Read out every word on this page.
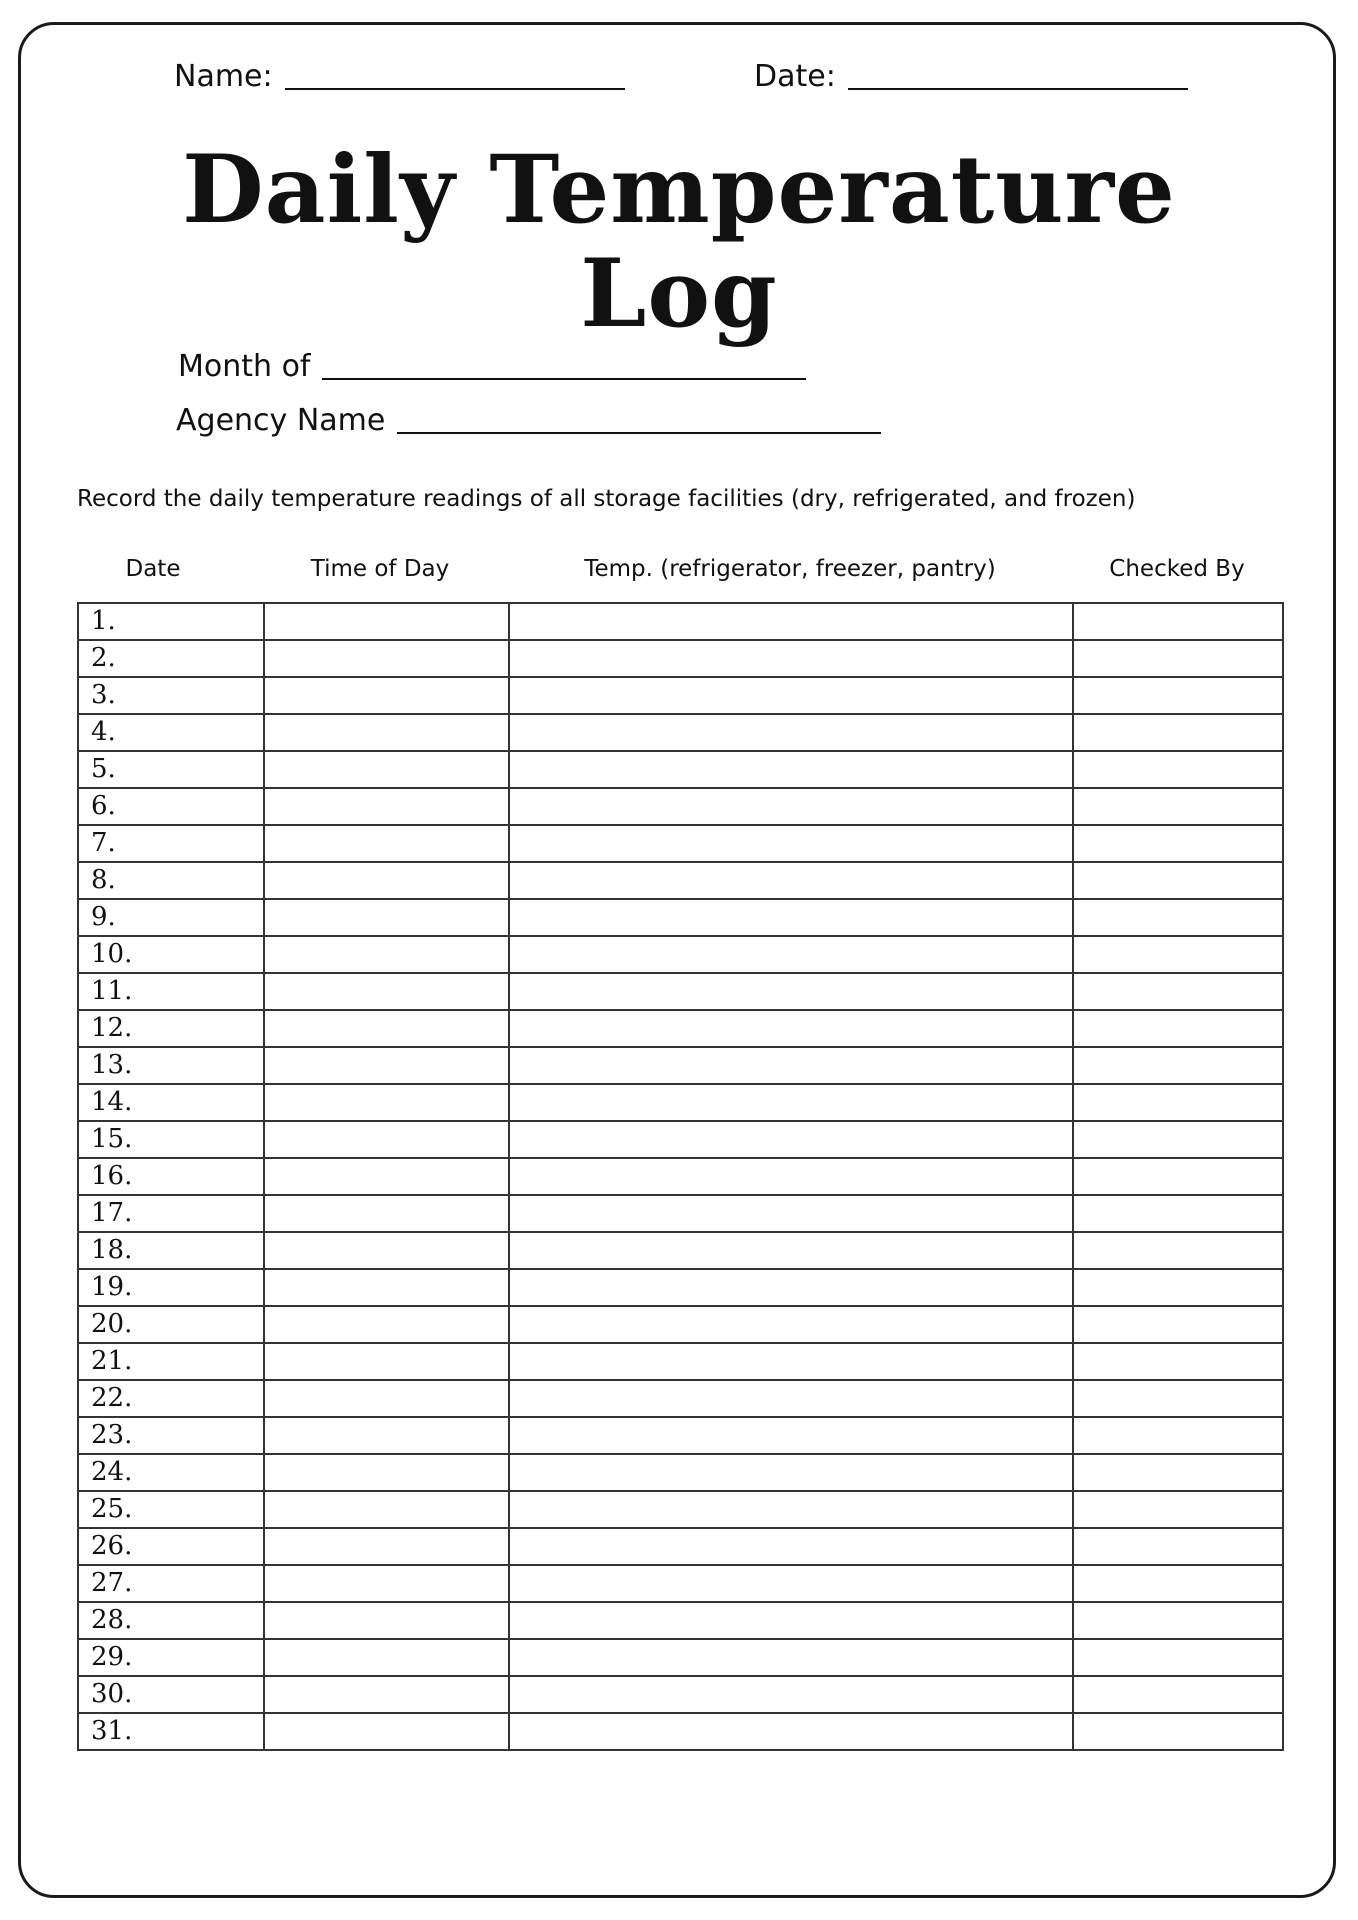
Name:	Date:
Daily Temperature
Log
Month of
Agency Name
Record the daily temperature readings of all storage facilities (dry, refrigerated, and frozen)
Date	Time of Day	Temp. (refrigerator, freezer, pantry)	Checked By
1.			
2.			
3.			
4.			
5.			
6.			
7.			
8.			
9.			
10.			
11.			
12.			
13.			
14.			
15.			
16.			
17.			
18.			
19.			
20.			
21.			
22.			
23.			
24.			
25.			
26.			
27.			
28.			
29.			
30.			
31.			
